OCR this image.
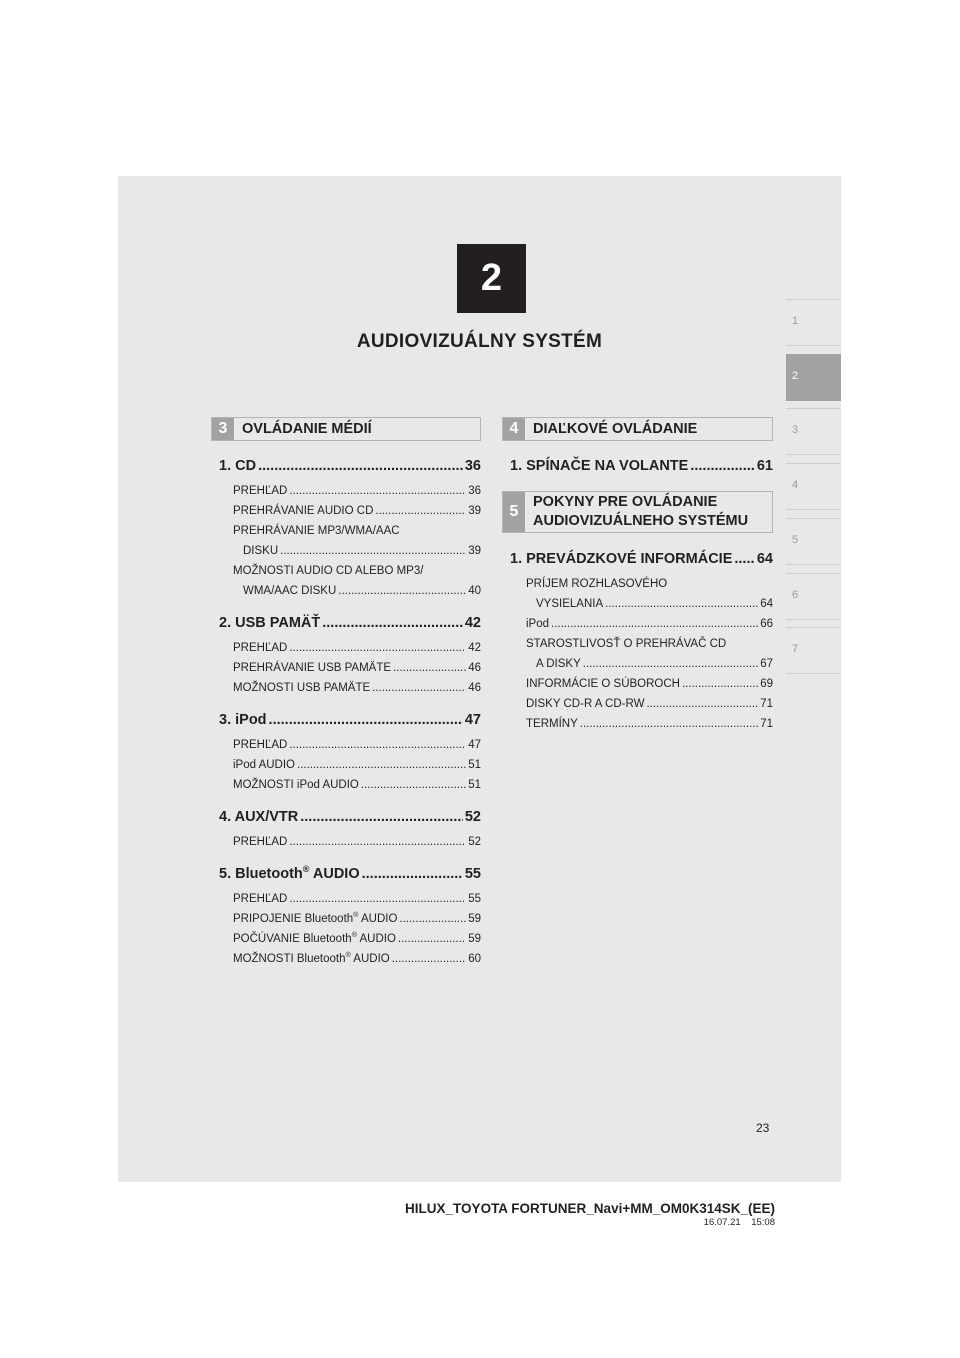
2
AUDIOVIZUÁLNY SYSTÉM
1
2
3
4
5
6
7
3	OVLÁDANIE MÉDIÍ
1. CD .....	36
PREHĽAD .....	36
PREHRÁVANIE AUDIO CD .....	39
PREHRÁVANIE MP3/WMA/AAC
DISKU .....	39
MOŽNOSTI AUDIO CD ALEBO MP3/
WMA/AAC DISKU .....	40
2. USB PAMÄŤ .....	42
PREHĽAD .....	42
PREHRÁVANIE USB PAMÄTE .....	46
MOŽNOSTI USB PAMÄTE .....	46
3. iPod .....	47
PREHĽAD .....	47
iPod AUDIO .....	51
MOŽNOSTI iPod AUDIO .....	51
4. AUX/VTR .....	52
PREHĽAD .....	52
5. Bluetooth® AUDIO .....	55
PREHĽAD .....	55
PRIPOJENIE Bluetooth® AUDIO .....	59
POČÚVANIE Bluetooth® AUDIO .....	59
MOŽNOSTI Bluetooth® AUDIO .....	60
4	DIAĽKOVÉ OVLÁDANIE
1. SPÍNAČE NA VOLANTE .....	61
5
POKYNY PRE OVLÁDANIE
AUDIOVIZUÁLNEHO SYSTÉMU
1. PREVÁDZKOVÉ INFORMÁCIE ..... 64
PRÍJEM ROZHLASOVÉHO
VYSIELANIA .....	64
iPod .....	66
STAROSTLIVOSŤ O PREHRÁVAČ CD
A DISKY .....	67
INFORMÁCIE O SÚBOROCH .....	69
DISKY CD-R A CD-RW .....	71
TERMÍNY .....	71
23
HILUX_TOYOTA FORTUNER_Navi+MM_OM0K314SK_(EE)
16.07.21 15:08
